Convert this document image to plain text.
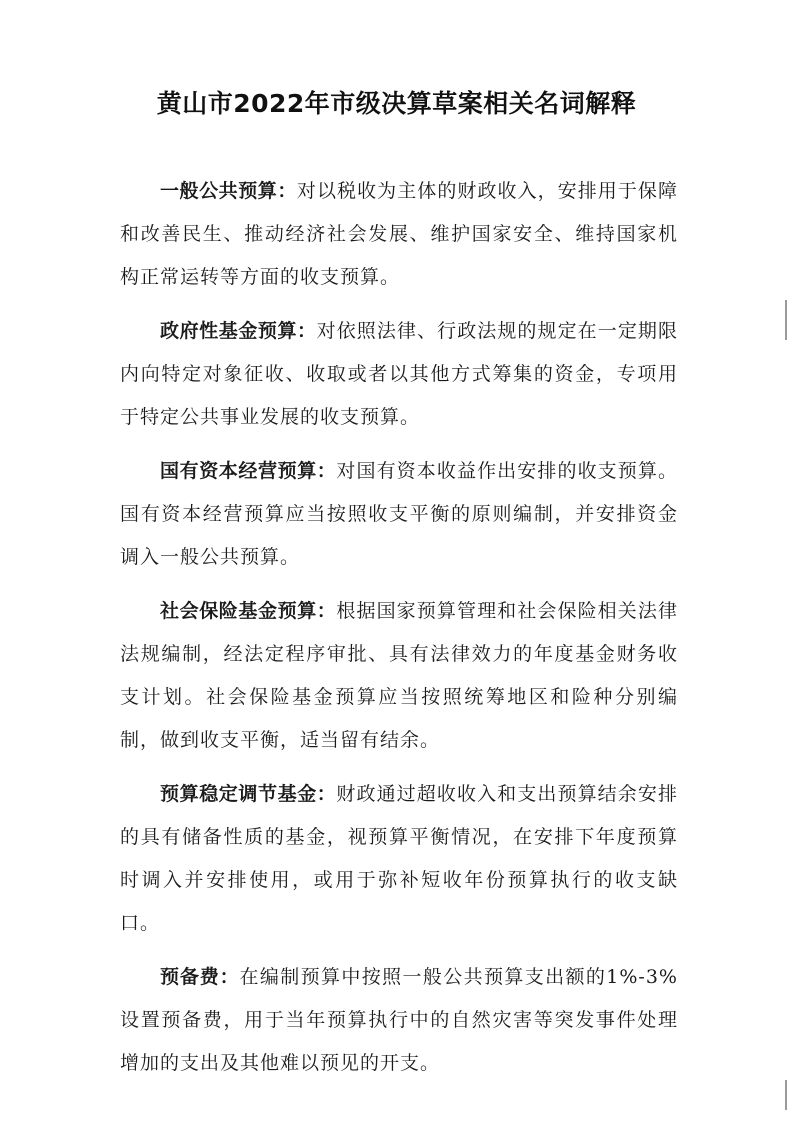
黄山市2022年市级决算草案相关名词解释

一般公共预算：对以税收为主体的财政收入，安排用于保障和改善民生、推动经济社会发展、维护国家安全、维持国家机构正常运转等方面的收支预算。

政府性基金预算：对依照法律、行政法规的规定在一定期限内向特定对象征收、收取或者以其他方式筹集的资金，专项用于特定公共事业发展的收支预算。

国有资本经营预算：对国有资本收益作出安排的收支预算。国有资本经营预算应当按照收支平衡的原则编制，并安排资金调入一般公共预算。

社会保险基金预算：根据国家预算管理和社会保险相关法律法规编制，经法定程序审批、具有法律效力的年度基金财务收支计划。社会保险基金预算应当按照统筹地区和险种分别编制，做到收支平衡，适当留有结余。

预算稳定调节基金：财政通过超收收入和支出预算结余安排的具有储备性质的基金，视预算平衡情况，在安排下年度预算时调入并安排使用，或用于弥补短收年份预算执行的收支缺口。

预备费：在编制预算中按照一般公共预算支出额的1%-3%设置预备费，用于当年预算执行中的自然灾害等突发事件处理增加的支出及其他难以预见的开支。
